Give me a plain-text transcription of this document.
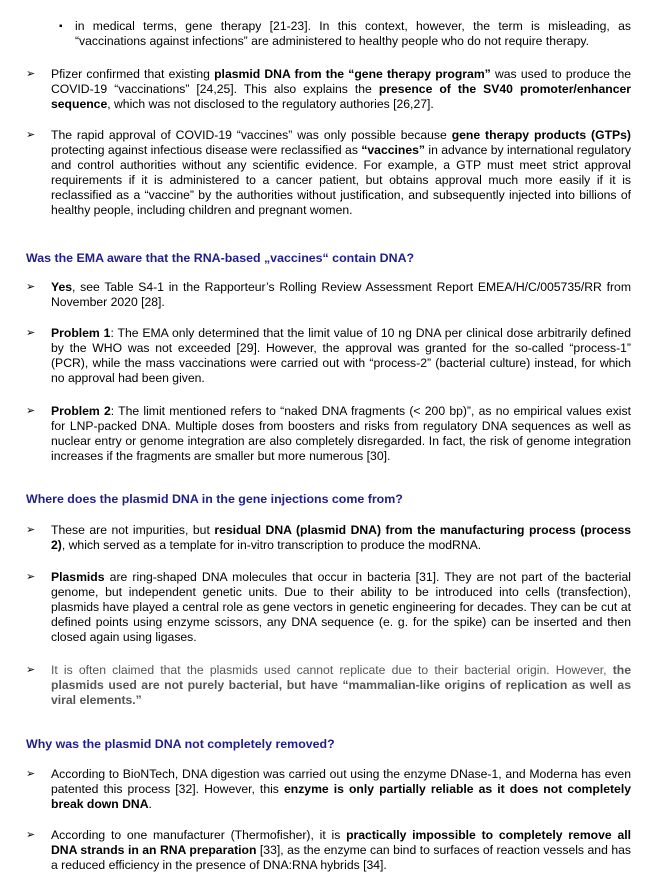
▪	in medical terms, gene therapy [21-23]. In this context, however, the term is misleading, as “vaccinations against infections” are administered to healthy people who do not require therapy.
➢	Pfizer confirmed that existing plasmid DNA from the “gene therapy program” was used to produce the COVID-19 “vaccinations” [24,25]. This also explains the presence of the SV40 promoter/enhancer sequence, which was not disclosed to the regulatory authories [26,27].
➢	The rapid approval of COVID-19 “vaccines” was only possible because gene therapy products (GTPs) protecting against infectious disease were reclassified as “vaccines” in advance by international regulatory and control authorities without any scientific evidence. For example, a GTP must meet strict approval requirements if it is administered to a cancer patient, but obtains approval much more easily if it is reclassified as a “vaccine” by the authorities without justification, and subsequently injected into billions of healthy people, including children and pregnant women.
Was the EMA aware that the RNA-based „vaccines“ contain DNA?
➢	Yes, see Table S4-1 in the Rapporteur’s Rolling Review Assessment Report EMEA/H/C/005735/RR from November 2020 [28].
➢	Problem 1: The EMA only determined that the limit value of 10 ng DNA per clinical dose arbitrarily defined by the WHO was not exceeded [29]. However, the approval was granted for the so-called “process-1” (PCR), while the mass vaccinations were carried out with “process-2” (bacterial culture) instead, for which no approval had been given.
➢	Problem 2: The limit mentioned refers to “naked DNA fragments (< 200 bp)”, as no empirical values exist for LNP-packed DNA. Multiple doses from boosters and risks from regulatory DNA sequences as well as nuclear entry or genome integration are also completely disregarded. In fact, the risk of genome integration increases if the fragments are smaller but more numerous [30].
Where does the plasmid DNA in the gene injections come from?
➢	These are not impurities, but residual DNA (plasmid DNA) from the manufacturing process (process 2), which served as a template for in-vitro transcription to produce the modRNA.
➢	Plasmids are ring-shaped DNA molecules that occur in bacteria [31]. They are not part of the bacterial genome, but independent genetic units. Due to their ability to be introduced into cells (transfection), plasmids have played a central role as gene vectors in genetic engineering for decades. They can be cut at defined points using enzyme scissors, any DNA sequence (e. g. for the spike) can be inserted and then closed again using ligases.
➢	It is often claimed that the plasmids used cannot replicate due to their bacterial origin. However, the plasmids used are not purely bacterial, but have “mammalian-like origins of replication as well as viral elements.”
Why was the plasmid DNA not completely removed?
➢	According to BioNTech, DNA digestion was carried out using the enzyme DNase-1, and Moderna has even patented this process [32]. However, this enzyme is only partially reliable as it does not completely break down DNA.
➢	According to one manufacturer (Thermofisher), it is practically impossible to completely remove all DNA strands in an RNA preparation [33], as the enzyme can bind to surfaces of reaction vessels and has a reduced efficiency in the presence of DNA:RNA hybrids [34].
